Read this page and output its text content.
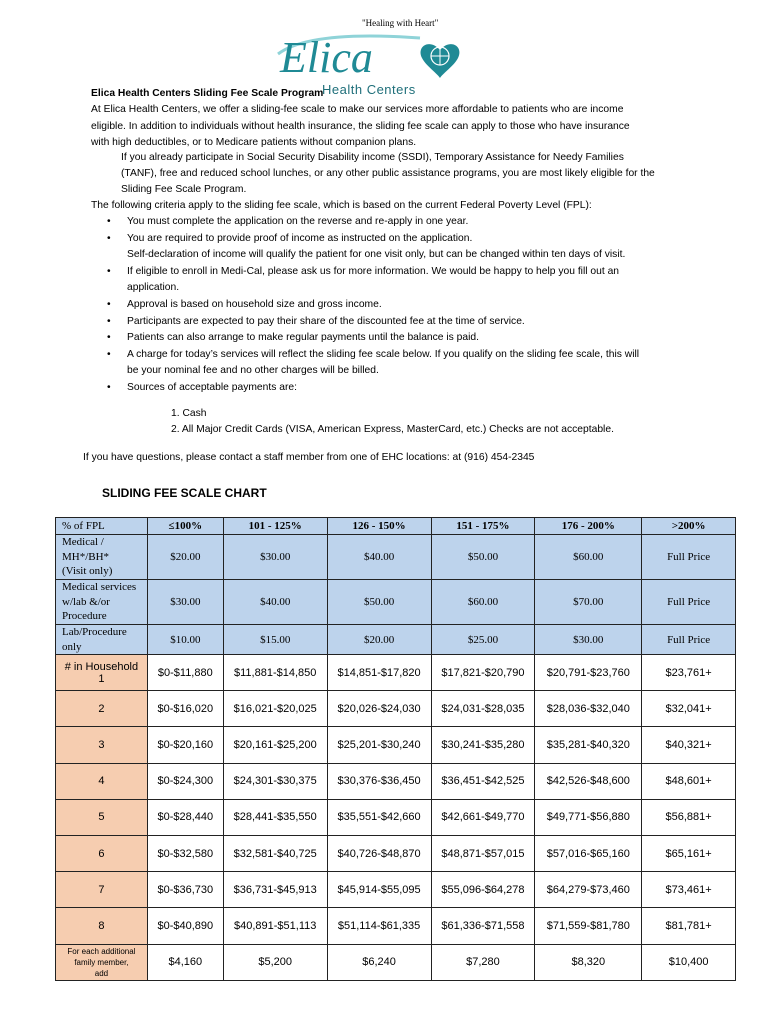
"Healing with Heart"
Elica
Health Centers
Elica Health Centers Sliding Fee Scale Program
At Elica Health Centers, we offer a sliding-fee scale to make our services more affordable to patients who are income
eligible. In addition to individuals without health insurance, the sliding fee scale can apply to those who have insurance
with high deductibles, or to Medicare patients without companion plans.
If you already participate in Social Security Disability income (SSDI), Temporary Assistance for Needy Families
(TANF), free and reduced school lunches, or any other public assistance programs, you are most likely eligible for the
Sliding Fee Scale Program.
The following criteria apply to the sliding fee scale, which is based on the current Federal Poverty Level (FPL):
• You must complete the application on the reverse and re-apply in one year.
• You are required to provide proof of income as instructed on the application.
Self-declaration of income will qualify the patient for one visit only, but can be changed within ten days of visit.
• If eligible to enroll in Medi-Cal, please ask us for more information. We would be happy to help you fill out an
application.
• Approval is based on household size and gross income.
• Participants are expected to pay their share of the discounted fee at the time of service.
• Patients can also arrange to make regular payments until the balance is paid.
• A charge for today’s services will reflect the sliding fee scale below. If you qualify on the sliding fee scale, this will
be your nominal fee and no other charges will be billed.
• Sources of acceptable payments are:
1. Cash
2. All Major Credit Cards (VISA, American Express, MasterCard, etc.) Checks are not acceptable.
If you have questions, please contact a staff member from one of EHC locations: at (916) 454-2345
SLIDING FEE SCALE CHART
% of FPL	≤100%	101 - 125%	126 - 150%	151 - 175%	176 - 200%	>200%

Medical /
MH*/BH*
(Visit only)	$20.00	$30.00	$40.00	$50.00	$60.00	Full Price

Medical services
w/lab &/or
Procedure	$30.00	$40.00	$50.00	$60.00	$70.00	Full Price

Lab/Procedure
only	$10.00	$15.00	$20.00	$25.00	$30.00	Full Price

# in Household
1	$0-$11,880	$11,881-$14,850	$14,851-$17,820	$17,821-$20,790	$20,791-$23,760	$23,761+
2	$0-$16,020	$16,021-$20,025	$20,026-$24,030	$24,031-$28,035	$28,036-$32,040	$32,041+
3	$0-$20,160	$20,161-$25,200	$25,201-$30,240	$30,241-$35,280	$35,281-$40,320	$40,321+
4	$0-$24,300	$24,301-$30,375	$30,376-$36,450	$36,451-$42,525	$42,526-$48,600	$48,601+
5	$0-$28,440	$28,441-$35,550	$35,551-$42,660	$42,661-$49,770	$49,771-$56,880	$56,881+
6	$0-$32,580	$32,581-$40,725	$40,726-$48,870	$48,871-$57,015	$57,016-$65,160	$65,161+
7	$0-$36,730	$36,731-$45,913	$45,914-$55,095	$55,096-$64,278	$64,279-$73,460	$73,461+
8	$0-$40,890	$40,891-$51,113	$51,114-$61,335	$61,336-$71,558	$71,559-$81,780	$81,781+

For each additional
family member,
add	$4,160	$5,200	$6,240	$7,280	$8,320	$10,400
